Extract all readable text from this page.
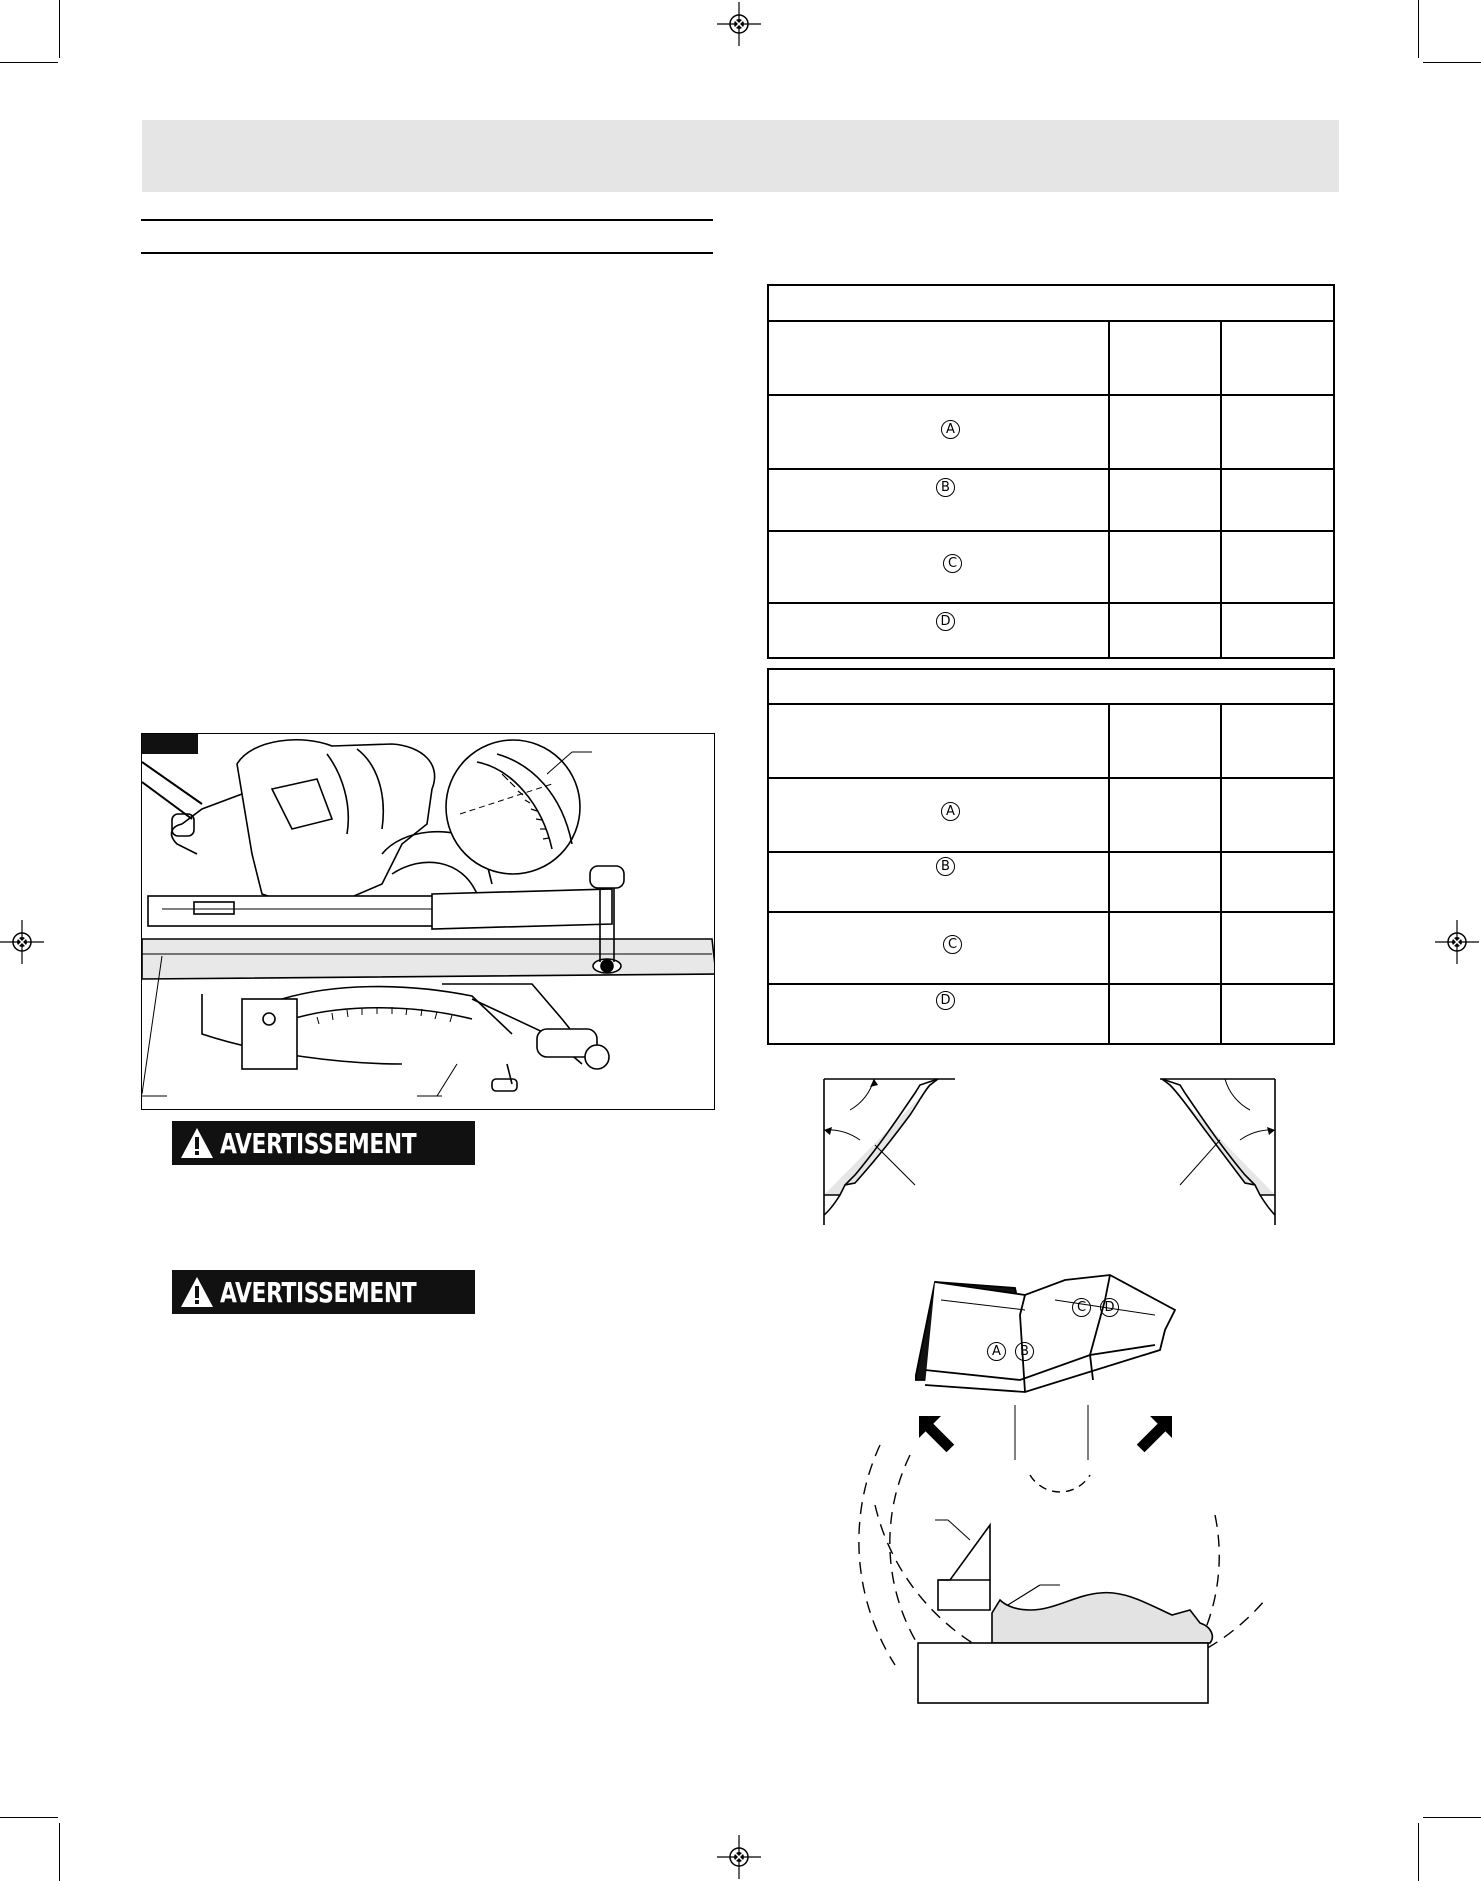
A
B
C
D
A
B
C
D
AVERTISSEMENT
AVERTISSEMENT
A	B
C	D
